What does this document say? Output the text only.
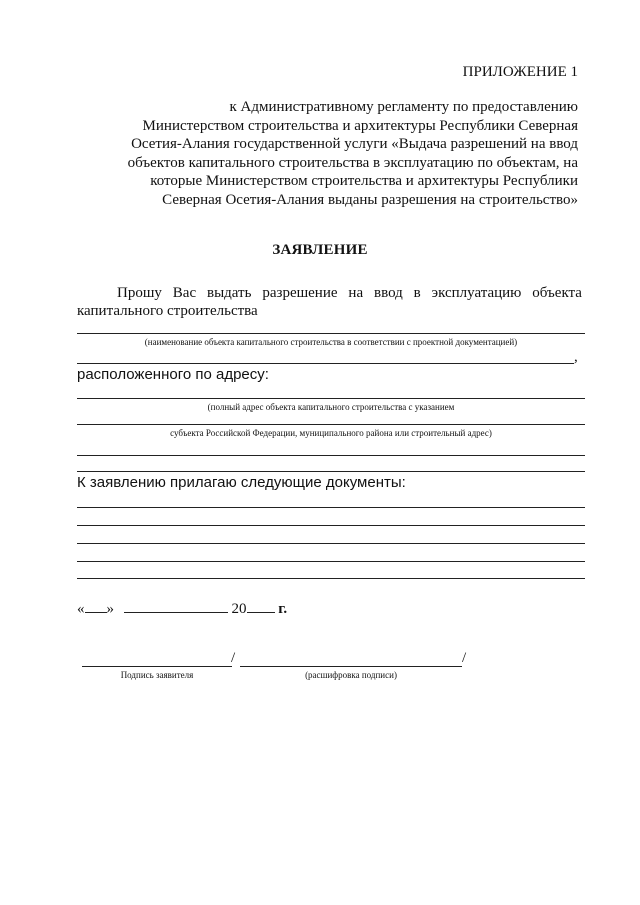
ПРИЛОЖЕНИЕ 1
к Административному регламенту по предоставлению
Министерством строительства и архитектуры Республики Северная
Осетия-Алания государственной услуги «Выдача разрешений на ввод
объектов капитального строительства в эксплуатацию по объектам, на
которые Министерством строительства и архитектуры Республики
Северная Осетия-Алания выданы разрешения на строительство»
ЗАЯВЛЕНИЕ
Прошу Вас выдать разрешение на ввод в эксплуатацию объекта
капитального строительства
(наименование объекта капитального строительства в соответствии с проектной документацией)
,
расположенного по адресу:
(полный адрес объекта капитального строительства с указанием
субъекта Российской Федерации, муниципального района или строительный адрес)
К заявлению прилагаю следующие документы:
« »	20 г.
/	/
Подпись заявителя	(расшифровка подписи)
